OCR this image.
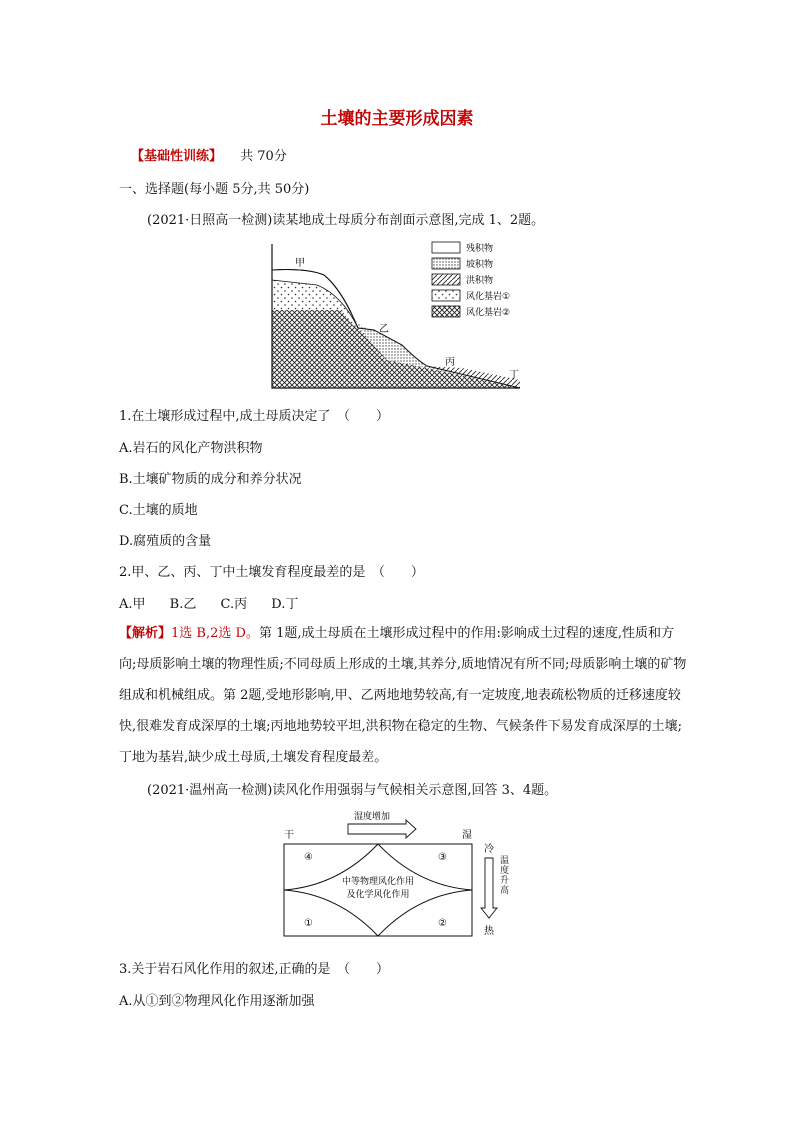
土壤的主要形成因素
【基础性训练】 共 70分
一、选择题(每小题 5分,共 50分)
(2021·日照高一检测)读某地成土母质分布剖面示意图,完成 1、2题。
甲
乙
丙
丁
残积物
坡积物
洪积物
风化基岩①
风化基岩②
1.在土壤形成过程中,成土母质决定了　（　　）
A.岩石的风化产物洪积物
B.土壤矿物质的成分和养分状况
C.土壤的质地
D.腐殖质的含量
2.甲、乙、丙、丁中土壤发育程度最差的是　（　　）
A.甲 B.乙 C.丙 D.丁
【解析】1选 B,2选 D。第 1题,成土母质在土壤形成过程中的作用:影响成土过程的速度,性质和方向;母质影响土壤的物理性质;不同母质上形成的土壤,其养分,质地情况有所不同;母质影响土壤的矿物组成和机械组成。第 2题,受地形影响,甲、乙两地地势较高,有一定坡度,地表疏松物质的迁移速度较快,很难发育成深厚的土壤;丙地地势较平坦,洪积物在稳定的生物、气候条件下易发育成深厚的土壤;丁地为基岩,缺少成土母质,土壤发育程度最差。
(2021·温州高一检测)读风化作用强弱与气候相关示意图,回答 3、4题。
湿度增加
干	湿
中等物理风化作用
及化学风化作用
④	③
①	②
冷
热
温度升高
3.关于岩石风化作用的叙述,正确的是　（　　）
A.从①到②物理风化作用逐渐加强
